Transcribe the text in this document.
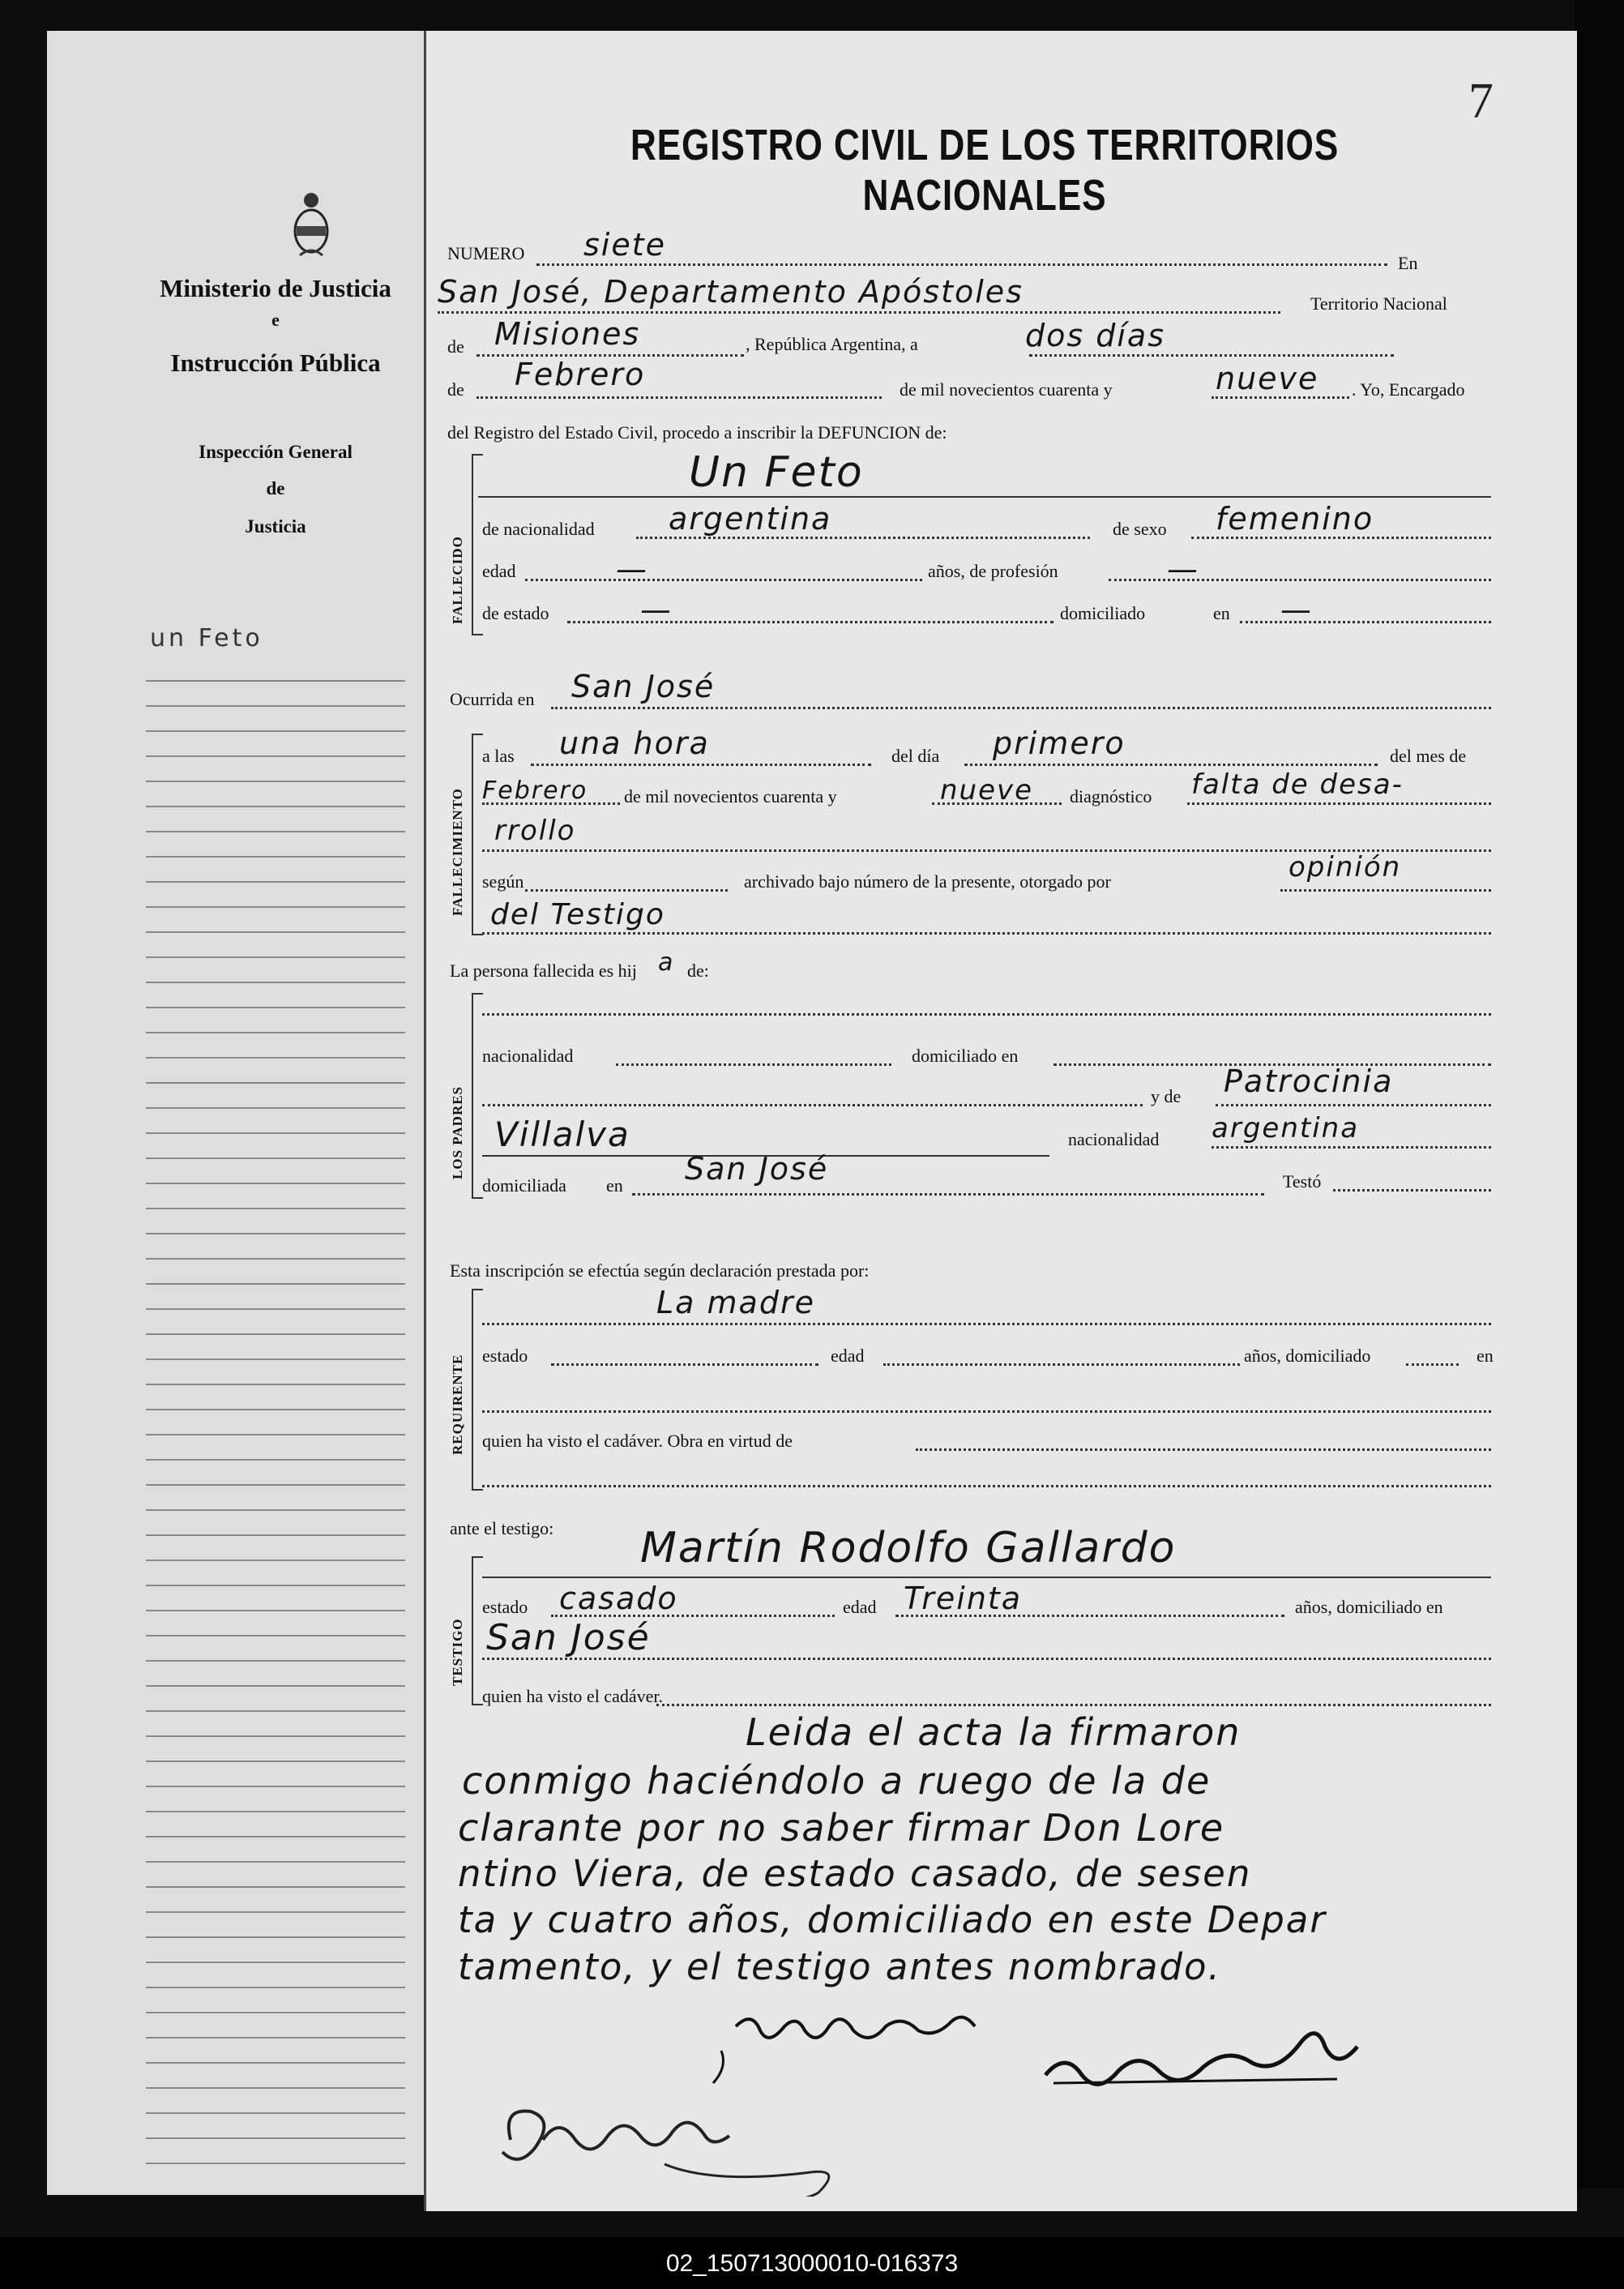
Ministerio de Justicia
e
Instrucción Pública
Inspección General
de
Justicia
un Feto
7
REGISTRO CIVIL DE LOS TERRITORIOS NACIONALES
NUMERO siete
En
San José, Departamento Apóstoles	Territorio Nacional
de Misiones	, República Argentina, a	dos días
de Febrero	de mil novecientos cuarenta y	nueve . Yo, Encargado
del Registro del Estado Civil, procedo a inscribir la DEFUNCION de:
FALLECIDO
Un Feto
de nacionalidad argentina	de sexo femenino
edad	—	años, de profesión	—
de estado	—	domiciliado	en —
Ocurrida en San José
FALLECIMIENTO
a las una hora	del día primero	del mes de
Febrero de mil novecientos cuarenta y	nueve diagnóstico falta de desa-
rrollo
según	archivado bajo número de la presente, otorgado por	opinión
del Testigo
La persona fallecida es hij a de:
LOS PADRES
nacionalidad	domiciliado en
y de Patrocinia
Villalva	nacionalidad argentina
domiciliada en San José	Testó
Esta inscripción se efectúa según declaración prestada por:
REQUIRENTE
La madre
estado	edad	años, domiciliado	en
quien ha visto el cadáver. Obra en virtud de
ante el testigo:
TESTIGO
Martín Rodolfo Gallardo
estado casado	edad Treinta	años, domiciliado en
San José
quien ha visto el cadáver.
Leida el acta la firmaron
conmigo haciéndolo a ruego de la de
clarante por no saber firmar Don Lore
ntino Viera, de estado casado, de sesen
ta y cuatro años, domiciliado en este Depar
tamento, y el testigo antes nombrado.
02_150713000010-016373
